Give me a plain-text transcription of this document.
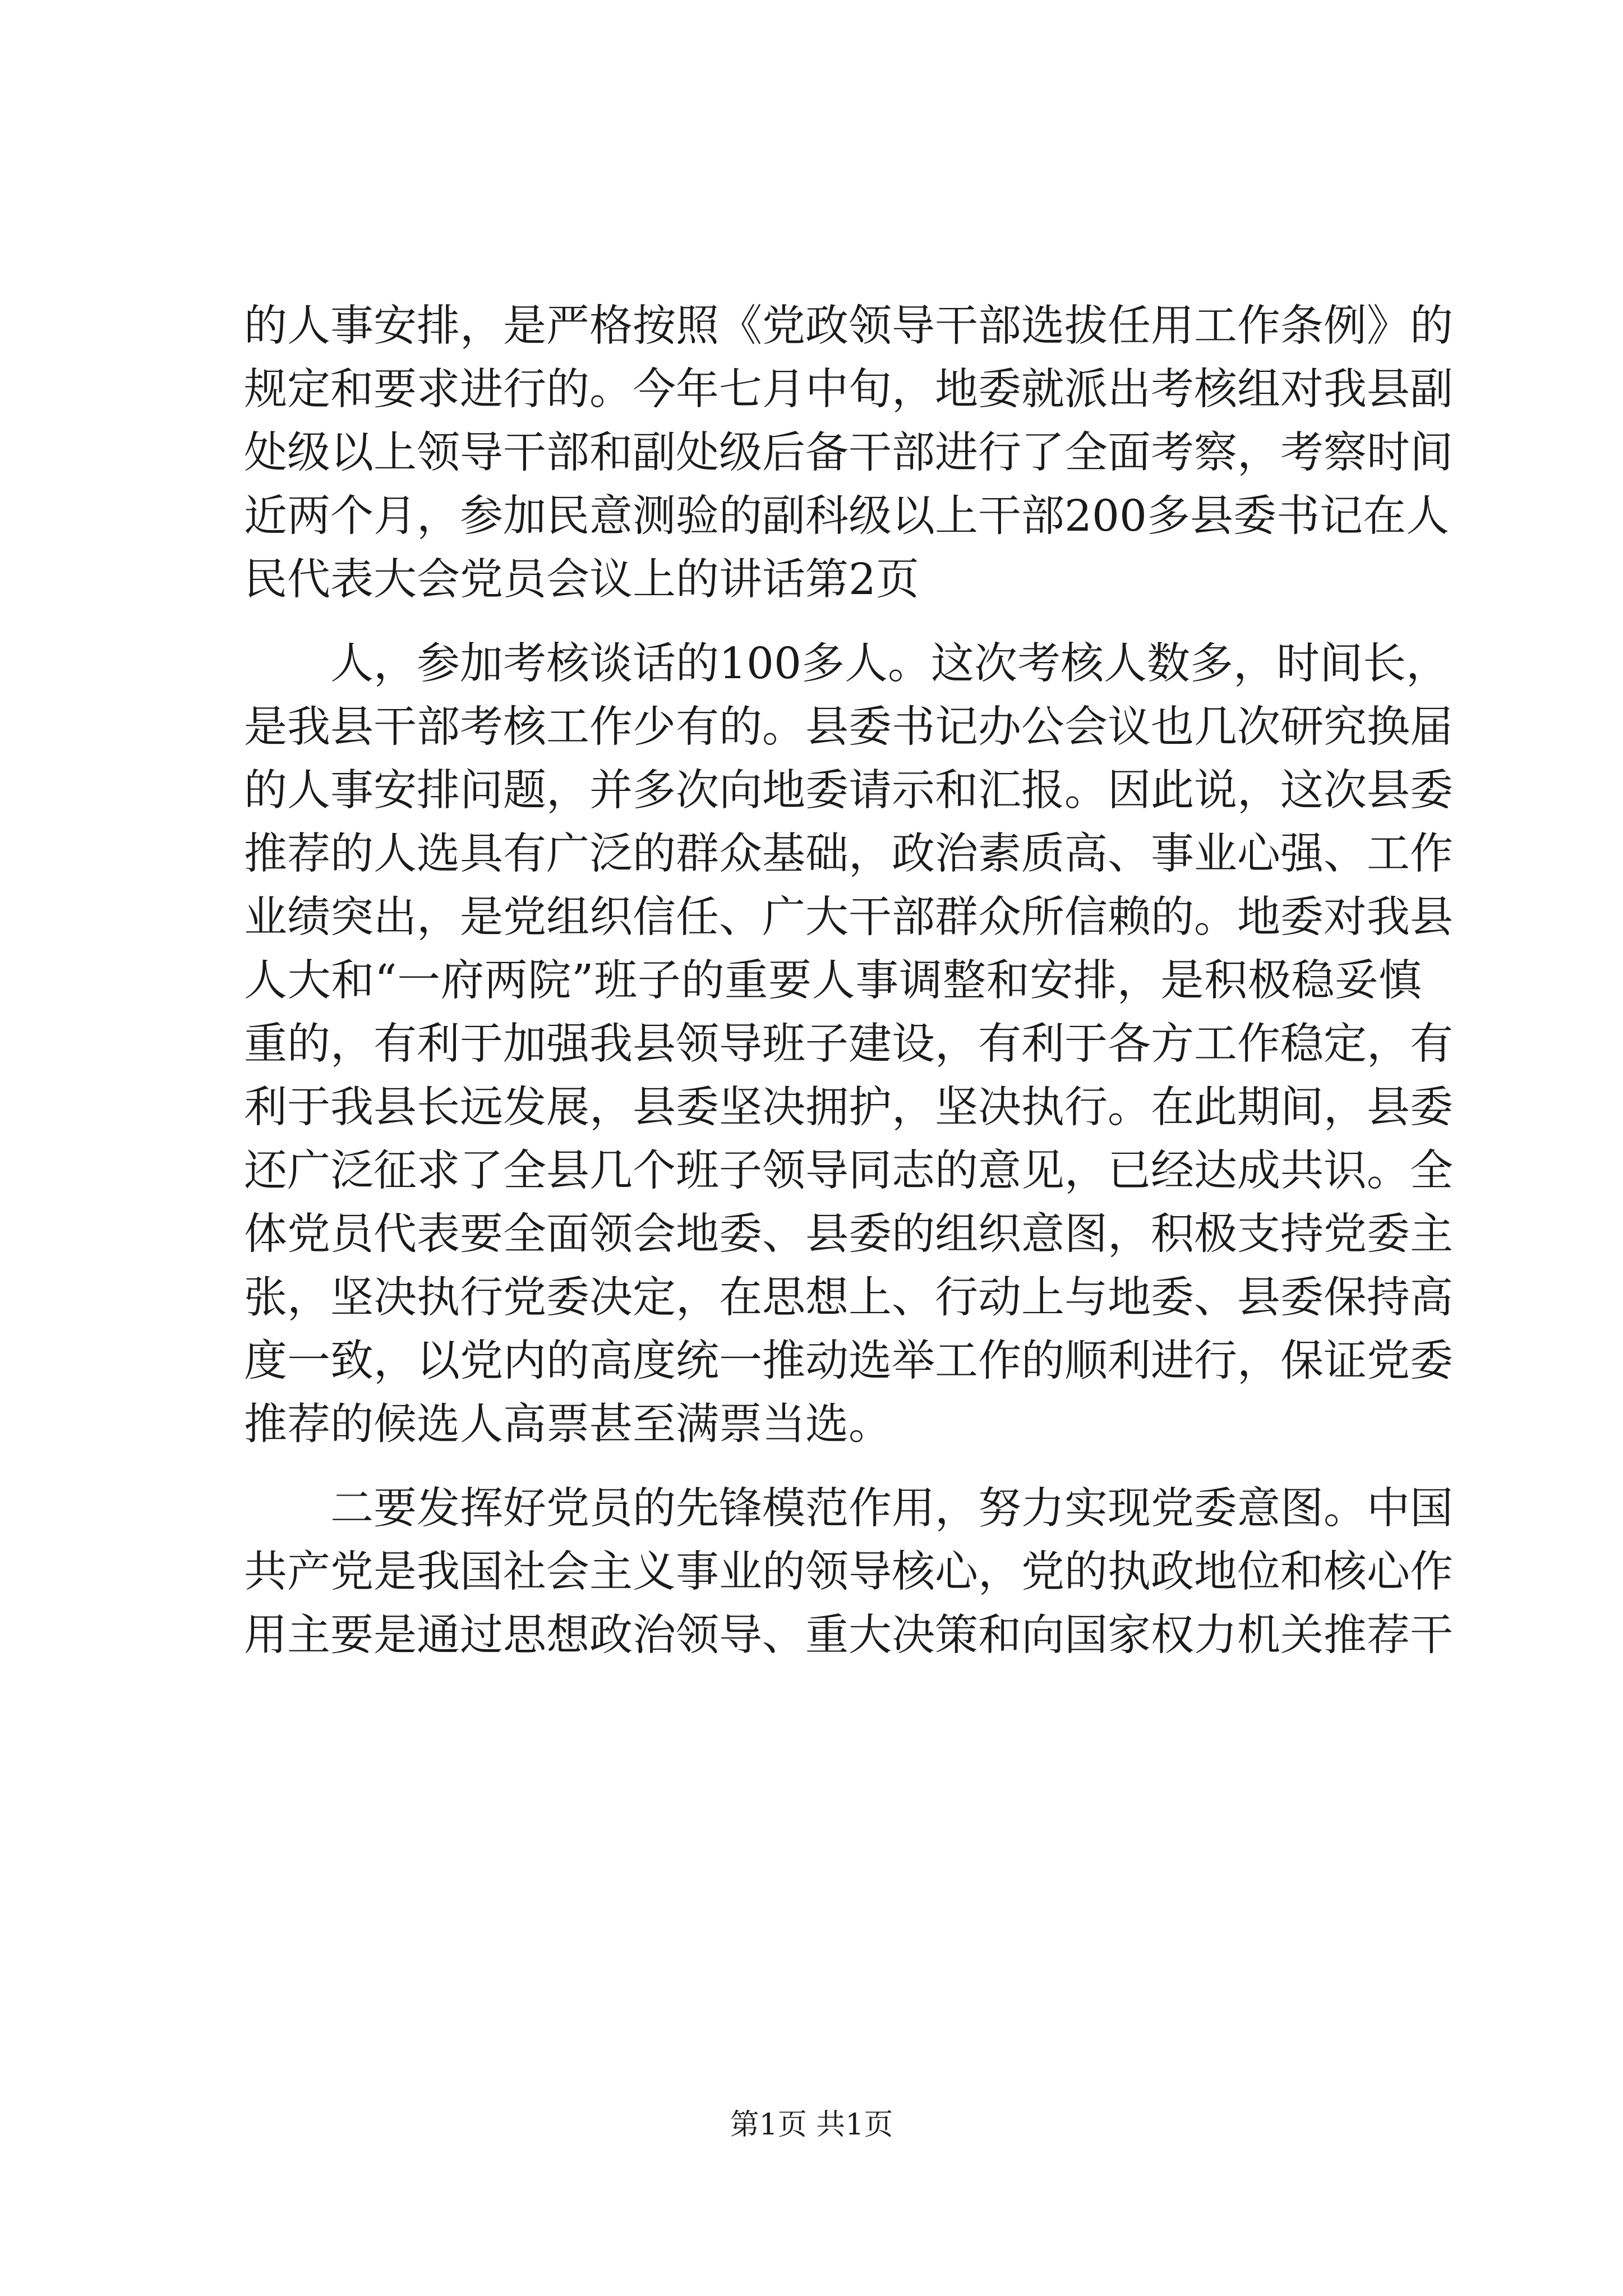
的人事安排，是严格按照《党政领导干部选拔任用工作条例》的
规定和要求进行的。今年七月中旬，地委就派出考核组对我县副
处级以上领导干部和副处级后备干部进行了全面考察，考察时间
近两个月，参加民意测验的副科级以上干部200多县委书记在人
民代表大会党员会议上的讲话第2页
人，参加考核谈话的100多人。这次考核人数多，时间长，
是我县干部考核工作少有的。县委书记办公会议也几次研究换届
的人事安排问题，并多次向地委请示和汇报。因此说，这次县委
推荐的人选具有广泛的群众基础，政治素质高、事业心强、工作
业绩突出，是党组织信任、广大干部群众所信赖的。地委对我县
人大和“一府两院”班子的重要人事调整和安排，是积极稳妥慎
重的，有利于加强我县领导班子建设，有利于各方工作稳定，有
利于我县长远发展，县委坚决拥护，坚决执行。在此期间，县委
还广泛征求了全县几个班子领导同志的意见，已经达成共识。全
体党员代表要全面领会地委、县委的组织意图，积极支持党委主
张，坚决执行党委决定，在思想上、行动上与地委、县委保持高
度一致，以党内的高度统一推动选举工作的顺利进行，保证党委
推荐的候选人高票甚至满票当选。
二要发挥好党员的先锋模范作用，努力实现党委意图。中国
共产党是我国社会主义事业的领导核心，党的执政地位和核心作
用主要是通过思想政治领导、重大决策和向国家权力机关推荐干
第1页 共1页
